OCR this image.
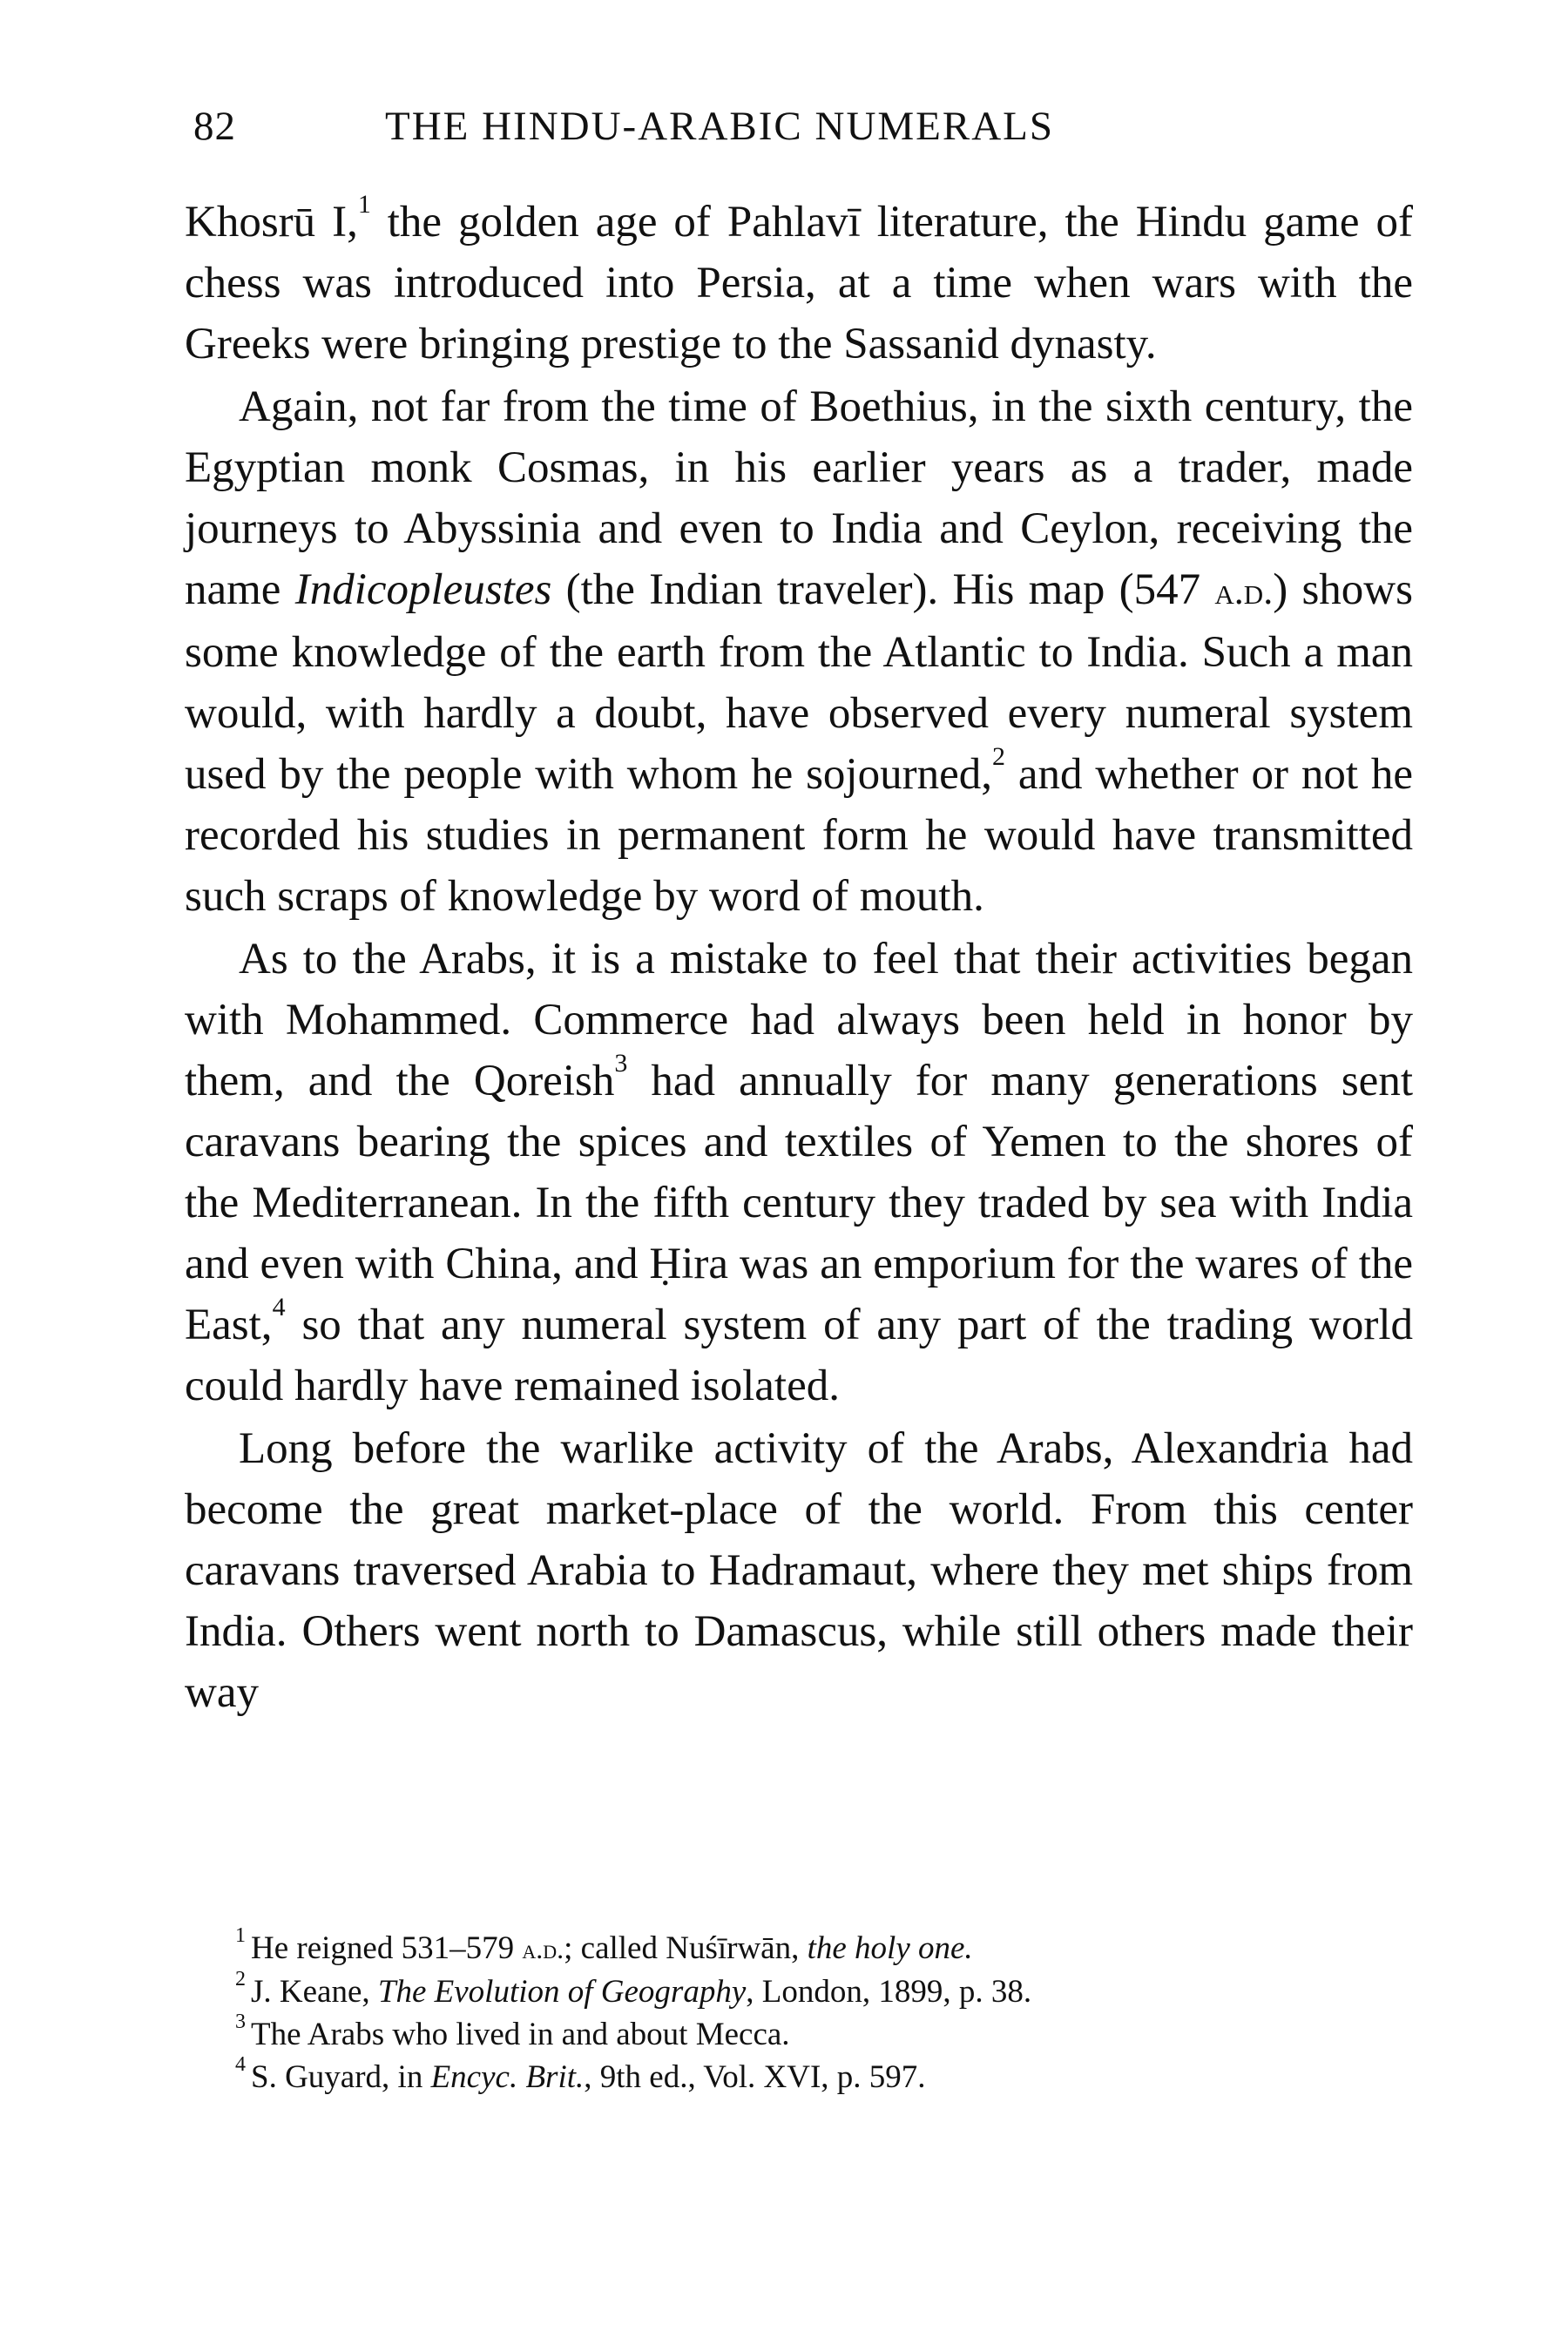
82	THE HINDU-ARABIC NUMERALS

Khosrū I,$^1$ the golden age of Pahlavī literature, the Hindu game of chess was introduced into Persia, at a time when wars with the Greeks were bringing prestige to the Sassanid dynasty.

Again, not far from the time of Boethius, in the sixth century, the Egyptian monk Cosmas, in his earlier years as a trader, made journeys to Abyssinia and even to India and Ceylon, receiving the name Indicopleustes (the Indian traveler). His map (547 a.d.) shows some knowledge of the earth from the Atlantic to India. Such a man would, with hardly a doubt, have observed every numeral system used by the people with whom he sojourned,$^2$ and whether or not he recorded his studies in permanent form he would have transmitted such scraps of knowledge by word of mouth.

As to the Arabs, it is a mistake to feel that their activities began with Mohammed. Commerce had always been held in honor by them, and the Qoreish$^3$ had annually for many generations sent caravans bearing the spices and textiles of Yemen to the shores of the Mediterranean. In the fifth century they traded by sea with India and even with China, and Ḥira was an emporium for the wares of the East,$^4$ so that any numeral system of any part of the trading world could hardly have remained isolated.

Long before the warlike activity of the Arabs, Alexandria had become the great market-place of the world. From this center caravans traversed Arabia to Hadramaut, where they met ships from India. Others went north to Damascus, while still others made their way

$^1$ He reigned 531–579 a.d.; called Nuśīrwān, the holy one.
$^2$ J. Keane, The Evolution of Geography, London, 1899, p. 38.
$^3$ The Arabs who lived in and about Mecca.
$^4$ S. Guyard, in Encyc. Brit., 9th ed., Vol. XVI, p. 597.
